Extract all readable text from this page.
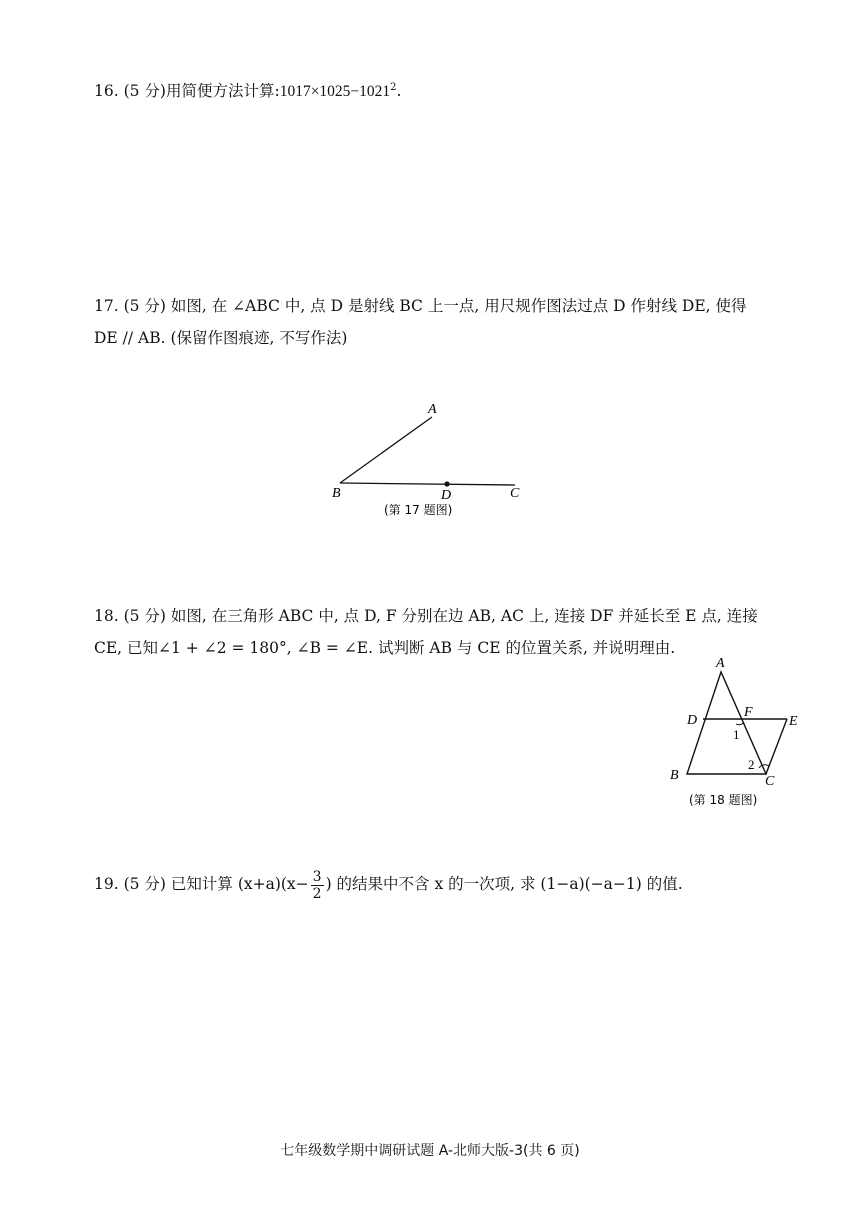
16. (5 分)用简便方法计算$:1017\times 1025-1021^2$.
17. (5 分) 如图, 在 ∠ABC 中, 点 D 是射线 BC 上一点, 用尺规作图法过点 D 作射线 DE, 使得
DE // AB. (保留作图痕迹, 不写作法)
A
B	D	C
(第 17 题图)
18. (5 分) 如图, 在三角形 ABC 中, 点 D, F 分别在边 AB, AC 上, 连接 DF 并延长至 E 点, 连接
CE, 已知∠1 + ∠2 = 180°, ∠B = ∠E. 试判断 AB 与 CE 的位置关系, 并说明理由.
A
D
F
E
1
2
B	C
(第 18 题图)
19. (5 分) 已知计算 $(x+a)(x- \frac{3}{2}$ ) 的结果中不含 x 的一次项, 求 (1−a)(−a−1) 的值.
七年级数学期中调研试题 A-北师大版-3(共 6 页)
